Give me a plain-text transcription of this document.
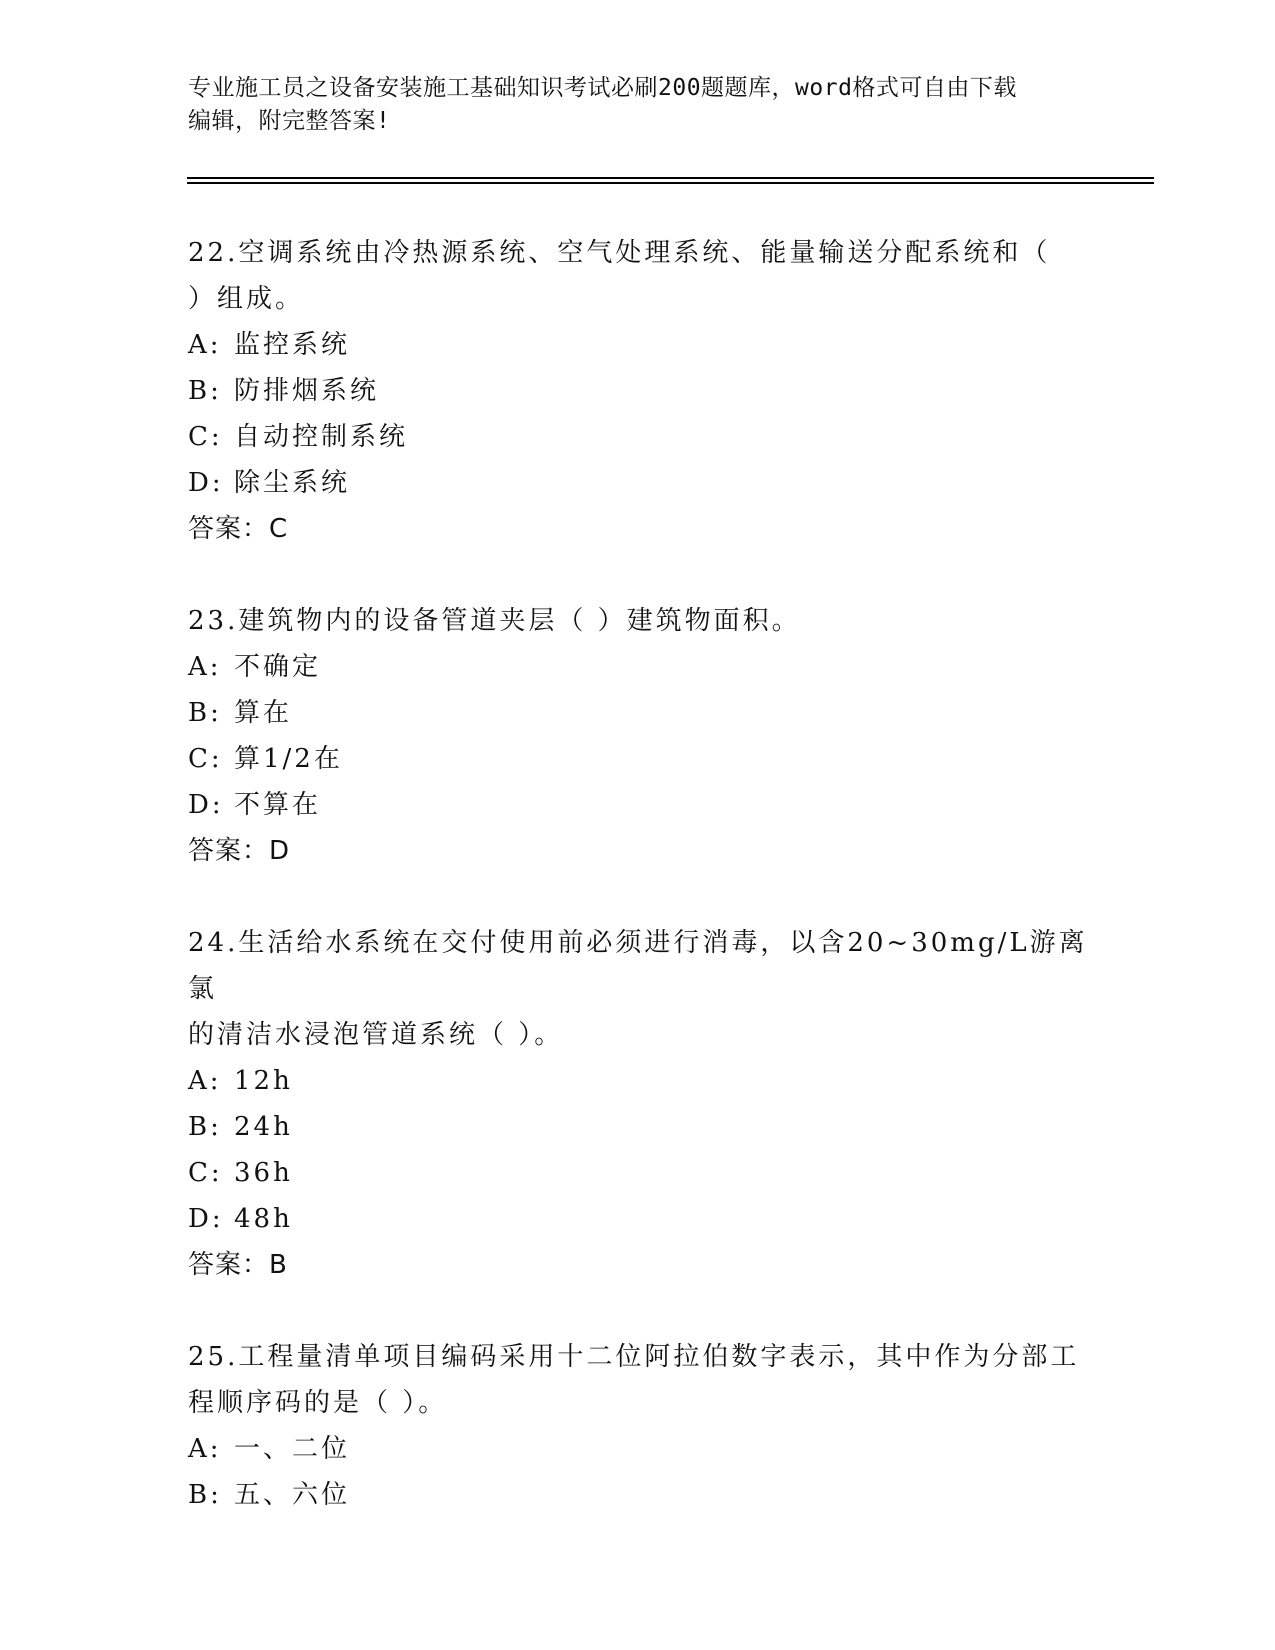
专业施工员之设备安装施工基础知识考试必刷200题题库，word格式可自由下载
编辑，附完整答案!
22.空调系统由冷热源系统、空气处理系统、能量输送分配系统和（
）组成。
A: 监控系统
B: 防排烟系统
C: 自动控制系统
D: 除尘系统
答案：C
23.建筑物内的设备管道夹层（ ）建筑物面积。
A: 不确定
B: 算在
C: 算1/2在
D: 不算在
答案：D
24.生活给水系统在交付使用前必须进行消毒，以含20~30mg/L游离氯
的清洁水浸泡管道系统（ ）。
A: 12h
B: 24h
C: 36h
D: 48h
答案：B
25.工程量清单项目编码采用十二位阿拉伯数字表示，其中作为分部工
程顺序码的是（ ）。
A: 一、二位
B: 五、六位
